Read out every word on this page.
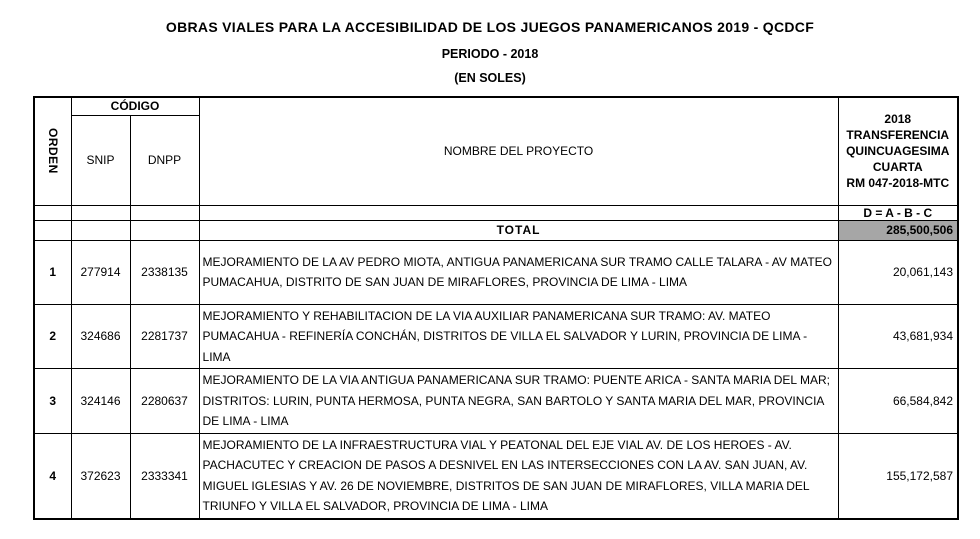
OBRAS VIALES PARA LA ACCESIBILIDAD DE LOS JUEGOS PANAMERICANOS 2019 - QCDCF
PERIODO - 2018
(EN SOLES)
ORDEN	CÓDIGO		NOMBRE DEL PROYECTO	2018
TRANSFERENCIA
QUINCUAGESIMA
CUARTA
RM 047-2018-MTC

	SNIP	DNPP		
				D = A - B - C
			TOTAL	285,500,506
1	277914	2338135	MEJORAMIENTO DE LA AV PEDRO MIOTA, ANTIGUA PANAMERICANA SUR TRAMO CALLE TALARA - AV MATEO PUMACAHUA, DISTRITO DE SAN JUAN DE MIRAFLORES, PROVINCIA DE LIMA - LIMA	20,061,143
2	324686	2281737	MEJORAMIENTO Y REHABILITACION DE LA VIA AUXILIAR PANAMERICANA SUR TRAMO: AV. MATEO PUMACAHUA - REFINERÍA CONCHÁN, DISTRITOS DE VILLA EL SALVADOR Y LURIN, PROVINCIA DE LIMA - LIMA	43,681,934
3	324146	2280637	MEJORAMIENTO DE LA VIA ANTIGUA PANAMERICANA SUR TRAMO: PUENTE ARICA - SANTA MARIA DEL MAR; DISTRITOS: LURIN, PUNTA HERMOSA, PUNTA NEGRA, SAN BARTOLO Y SANTA MARIA DEL MAR, PROVINCIA DE LIMA - LIMA	66,584,842
4	372623	2333341	MEJORAMIENTO DE LA INFRAESTRUCTURA VIAL Y PEATONAL DEL EJE VIAL AV. DE LOS HEROES - AV. PACHACUTEC Y CREACION DE PASOS A DESNIVEL EN LAS INTERSECCIONES CON LA AV. SAN JUAN, AV. MIGUEL IGLESIAS Y AV. 26 DE NOVIEMBRE, DISTRITOS DE SAN JUAN DE MIRAFLORES, VILLA MARIA DEL TRIUNFO Y VILLA EL SALVADOR, PROVINCIA DE LIMA - LIMA	155,172,587
